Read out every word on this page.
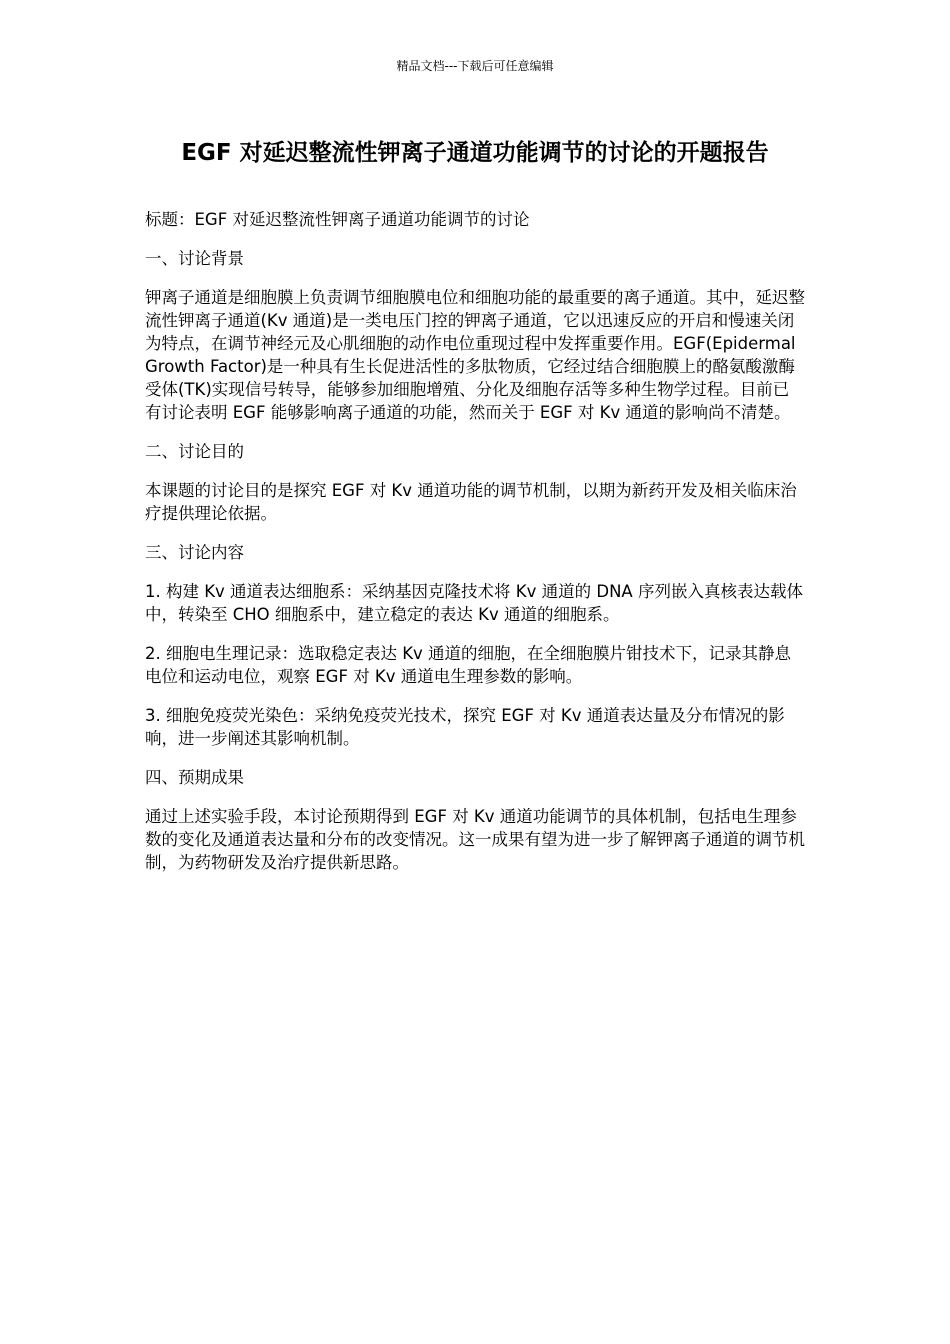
精品文档---下载后可任意编辑
EGF 对延迟整流性钾离子通道功能调节的讨论的开题报告

标题：EGF 对延迟整流性钾离子通道功能调节的讨论

一、讨论背景

钾离子通道是细胞膜上负责调节细胞膜电位和细胞功能的最重要的离子通道。其中，延迟整流性钾离子通道(Kv 通道)是一类电压门控的钾离子通道，它以迅速反应的开启和慢速关闭为特点，在调节神经元及心肌细胞的动作电位重现过程中发挥重要作用。EGF(Epidermal Growth Factor)是一种具有生长促进活性的多肽物质，它经过结合细胞膜上的酪氨酸激酶受体(TK)实现信号转导，能够参加细胞增殖、分化及细胞存活等多种生物学过程。目前已有讨论表明 EGF 能够影响离子通道的功能，然而关于 EGF 对 Kv 通道的影响尚不清楚。

二、讨论目的

本课题的讨论目的是探究 EGF 对 Kv 通道功能的调节机制，以期为新药开发及相关临床治疗提供理论依据。

三、讨论内容

1. 构建 Kv 通道表达细胞系：采纳基因克隆技术将 Kv 通道的 DNA 序列嵌入真核表达载体中，转染至 CHO 细胞系中，建立稳定的表达 Kv 通道的细胞系。

2. 细胞电生理记录：选取稳定表达 Kv 通道的细胞，在全细胞膜片钳技术下，记录其静息电位和运动电位，观察 EGF 对 Kv 通道电生理参数的影响。

3. 细胞免疫荧光染色：采纳免疫荧光技术，探究 EGF 对 Kv 通道表达量及分布情况的影响，进一步阐述其影响机制。

四、预期成果

通过上述实验手段，本讨论预期得到 EGF 对 Kv 通道功能调节的具体机制，包括电生理参数的变化及通道表达量和分布的改变情况。这一成果有望为进一步了解钾离子通道的调节机制，为药物研发及治疗提供新思路。
